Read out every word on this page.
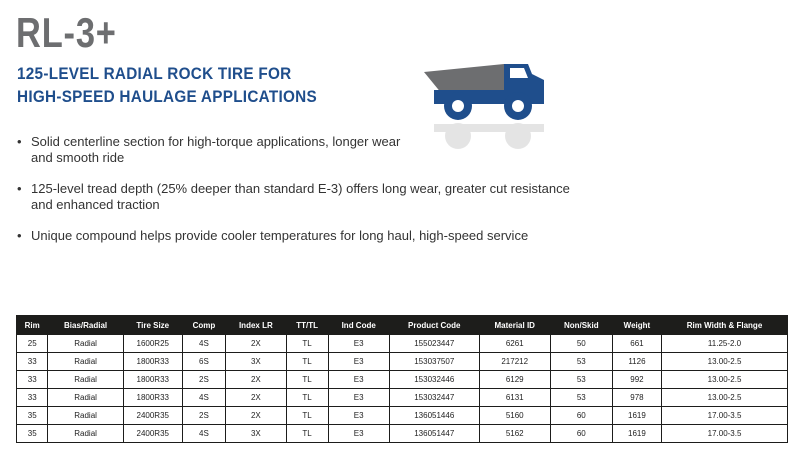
RL-3+
125-LEVEL RADIAL ROCK TIRE FOR
HIGH-SPEED HAULAGE APPLICATIONS
• Solid centerline section for high-torque applications, longer wear
and smooth ride
• 125-level tread depth (25% deeper than standard E-3) offers long wear, greater cut resistance
and enhanced traction
• Unique compound helps provide cooler temperatures for long haul, high-speed service
Rim	Bias/Radial	Tire Size	Comp	Index LR	TT/TL	Ind Code	Product Code	Material ID	Non/Skid	Weight	Rim Width & Flange
25	Radial	1600R25	4S	2X	TL	E3	155023447	6261	50	661	11.25-2.0
33	Radial	1800R33	6S	3X	TL	E3	153037507	217212	53	1126	13.00-2.5
33	Radial	1800R33	2S	2X	TL	E3	153032446	6129	53	992	13.00-2.5
33	Radial	1800R33	4S	2X	TL	E3	153032447	6131	53	978	13.00-2.5
35	Radial	2400R35	2S	2X	TL	E3	136051446	5160	60	1619	17.00-3.5
35	Radial	2400R35	4S	3X	TL	E3	136051447	5162	60	1619	17.00-3.5
